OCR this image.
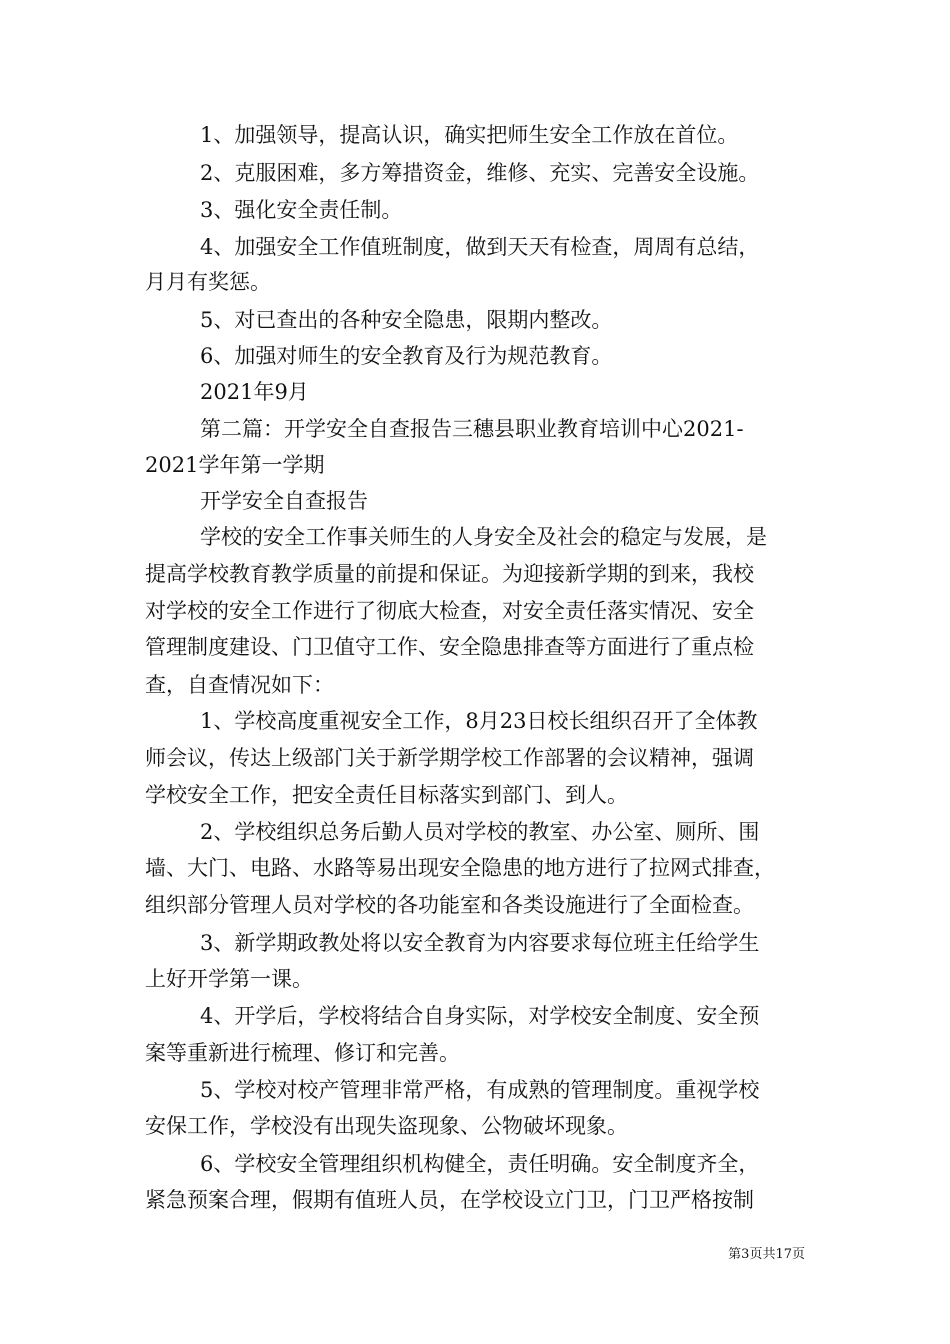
1、加强领导，提高认识，确实把师生安全工作放在首位。
2、克服困难，多方筹措资金，维修、充实、完善安全设施。
3、强化安全责任制。
4、加强安全工作值班制度，做到天天有检查，周周有总结，
月月有奖惩。
5、对已查出的各种安全隐患，限期内整改。
6、加强对师生的安全教育及行为规范教育。
2021年9月
第二篇：开学安全自查报告三穗县职业教育培训中心2021-
2021学年第一学期
开学安全自查报告
学校的安全工作事关师生的人身安全及社会的稳定与发展，是
提高学校教育教学质量的前提和保证。为迎接新学期的到来，我校
对学校的安全工作进行了彻底大检查，对安全责任落实情况、安全
管理制度建设、门卫值守工作、安全隐患排查等方面进行了重点检
查，自查情况如下：
1、学校高度重视安全工作，8月23日校长组织召开了全体教
师会议，传达上级部门关于新学期学校工作部署的会议精神，强调
学校安全工作，把安全责任目标落实到部门、到人。
2、学校组织总务后勤人员对学校的教室、办公室、厕所、围
墙、大门、电路、水路等易出现安全隐患的地方进行了拉网式排查，
组织部分管理人员对学校的各功能室和各类设施进行了全面检查。
3、新学期政教处将以安全教育为内容要求每位班主任给学生
上好开学第一课。
4、开学后，学校将结合自身实际，对学校安全制度、安全预
案等重新进行梳理、修订和完善。
5、学校对校产管理非常严格，有成熟的管理制度。重视学校
安保工作，学校没有出现失盗现象、公物破坏现象。
6、学校安全管理组织机构健全，责任明确。安全制度齐全，
紧急预案合理，假期有值班人员，在学校设立门卫，门卫严格按制
第3页共17页
